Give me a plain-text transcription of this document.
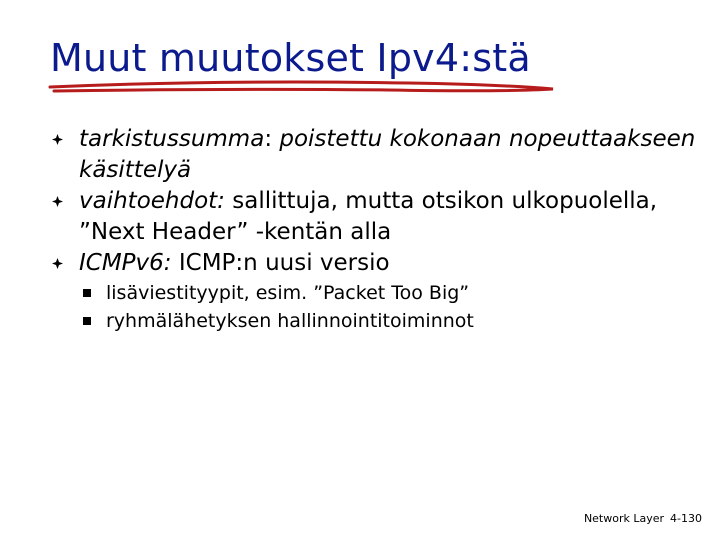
Muut muutokset Ipv4:stä
tarkistussumma: poistettu kokonaan nopeuttaakseen käsittelyä
vaihtoehdot: sallittuja, mutta otsikon ulkopuolella, ”Next Header” -kentän alla
ICMPv6: ICMP:n uusi versio
lisäviestityypit, esim. ”Packet Too Big”
ryhmälähetyksen hallinnointitoiminnot
Network Layer 4-130
